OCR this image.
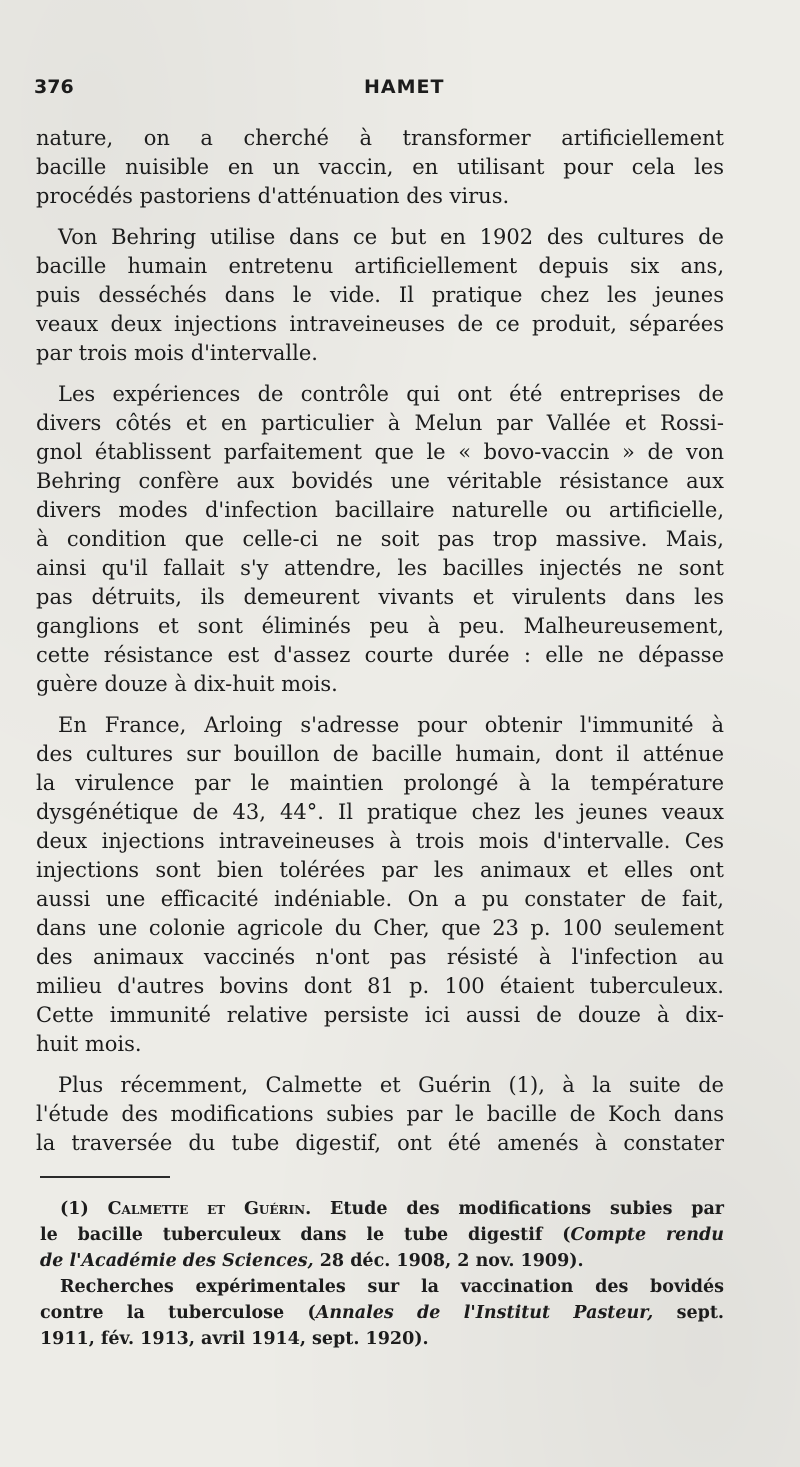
376	HAMET
nature, on a cherché à transformer artificiellement
bacille nuisible en un vaccin, en utilisant pour cela les
procédés pastoriens d'atténuation des virus.
Von Behring utilise dans ce but en 1902 des cultures de
bacille humain entretenu artificiellement depuis six ans,
puis desséchés dans le vide. Il pratique chez les jeunes
veaux deux injections intraveineuses de ce produit, séparées
par trois mois d'intervalle.
Les expériences de contrôle qui ont été entreprises de
divers côtés et en particulier à Melun par Vallée et Rossi-
gnol établissent parfaitement que le « bovo-vaccin » de von
Behring confère aux bovidés une véritable résistance aux
divers modes d'infection bacillaire naturelle ou artificielle,
à condition que celle-ci ne soit pas trop massive. Mais,
ainsi qu'il fallait s'y attendre, les bacilles injectés ne sont
pas détruits, ils demeurent vivants et virulents dans les
ganglions et sont éliminés peu à peu. Malheureusement,
cette résistance est d'assez courte durée : elle ne dépasse
guère douze à dix-huit mois.
En France, Arloing s'adresse pour obtenir l'immunité à
des cultures sur bouillon de bacille humain, dont il atténue
la virulence par le maintien prolongé à la température
dysgénétique de 43, 44°. Il pratique chez les jeunes veaux
deux injections intraveineuses à trois mois d'intervalle. Ces
injections sont bien tolérées par les animaux et elles ont
aussi une efficacité indéniable. On a pu constater de fait,
dans une colonie agricole du Cher, que 23 p. 100 seulement
des animaux vaccinés n'ont pas résisté à l'infection au
milieu d'autres bovins dont 81 p. 100 étaient tuberculeux.
Cette immunité relative persiste ici aussi de douze à dix-
huit mois.
Plus récemment, Calmette et Guérin (1), à la suite de
l'étude des modifications subies par le bacille de Koch dans
la traversée du tube digestif, ont été amenés à constater
(1) Calmette et Guérin. Etude des modifications subies par
le bacille tuberculeux dans le tube digestif (Compte rendu
de l'Académie des Sciences, 28 déc. 1908, 2 nov. 1909).
Recherches expérimentales sur la vaccination des bovidés
contre la tuberculose (Annales de l'Institut Pasteur, sept.
1911, fév. 1913, avril 1914, sept. 1920).
